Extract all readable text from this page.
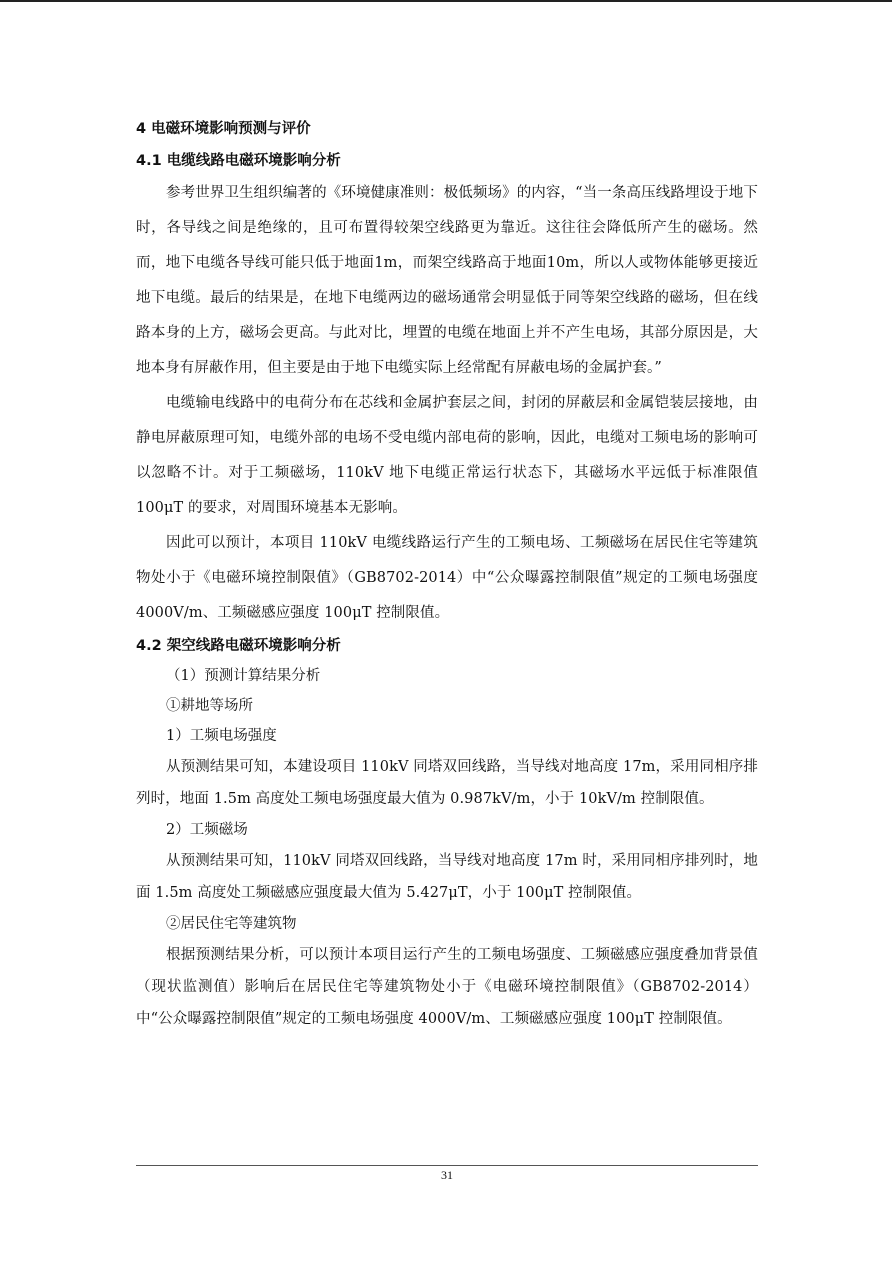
4 电磁环境影响预测与评价

4.1 电缆线路电磁环境影响分析

参考世界卫生组织编著的《环境健康准则：极低频场》的内容，“当一条高压线路埋设于地下时，各导线之间是绝缘的，且可布置得较架空线路更为靠近。这往往会降低所产生的磁场。然而，地下电缆各导线可能只低于地面1m，而架空线路高于地面10m，所以人或物体能够更接近地下电缆。最后的结果是，在地下电缆两边的磁场通常会明显低于同等架空线路的磁场，但在线路本身的上方，磁场会更高。与此对比，埋置的电缆在地面上并不产生电场，其部分原因是，大地本身有屏蔽作用，但主要是由于地下电缆实际上经常配有屏蔽电场的金属护套。”

电缆输电线路中的电荷分布在芯线和金属护套层之间，封闭的屏蔽层和金属铠装层接地，由静电屏蔽原理可知，电缆外部的电场不受电缆内部电荷的影响，因此，电缆对工频电场的影响可以忽略不计。对于工频磁场，110kV 地下电缆正常运行状态下，其磁场水平远低于标准限值 100μT 的要求，对周围环境基本无影响。

因此可以预计，本项目 110kV 电缆线路运行产生的工频电场、工频磁场在居民住宅等建筑物处小于《电磁环境控制限值》（GB8702-2014）中“公众曝露控制限值”规定的工频电场强度 4000V/m、工频磁感应强度 100μT 控制限值。

4.2 架空线路电磁环境影响分析

（1）预测计算结果分析

①耕地等场所

1）工频电场强度

从预测结果可知，本建设项目 110kV 同塔双回线路，当导线对地高度 17m，采用同相序排列时，地面 1.5m 高度处工频电场强度最大值为 0.987kV/m，小于 10kV/m 控制限值。

2）工频磁场

从预测结果可知，110kV 同塔双回线路，当导线对地高度 17m 时，采用同相序排列时，地面 1.5m 高度处工频磁感应强度最大值为 5.427μT，小于 100μT 控制限值。

②居民住宅等建筑物

根据预测结果分析，可以预计本项目运行产生的工频电场强度、工频磁感应强度叠加背景值（现状监测值）影响后在居民住宅等建筑物处小于《电磁环境控制限值》（GB8702-2014）中“公众曝露控制限值”规定的工频电场强度 4000V/m、工频磁感应强度 100μT 控制限值。

31
